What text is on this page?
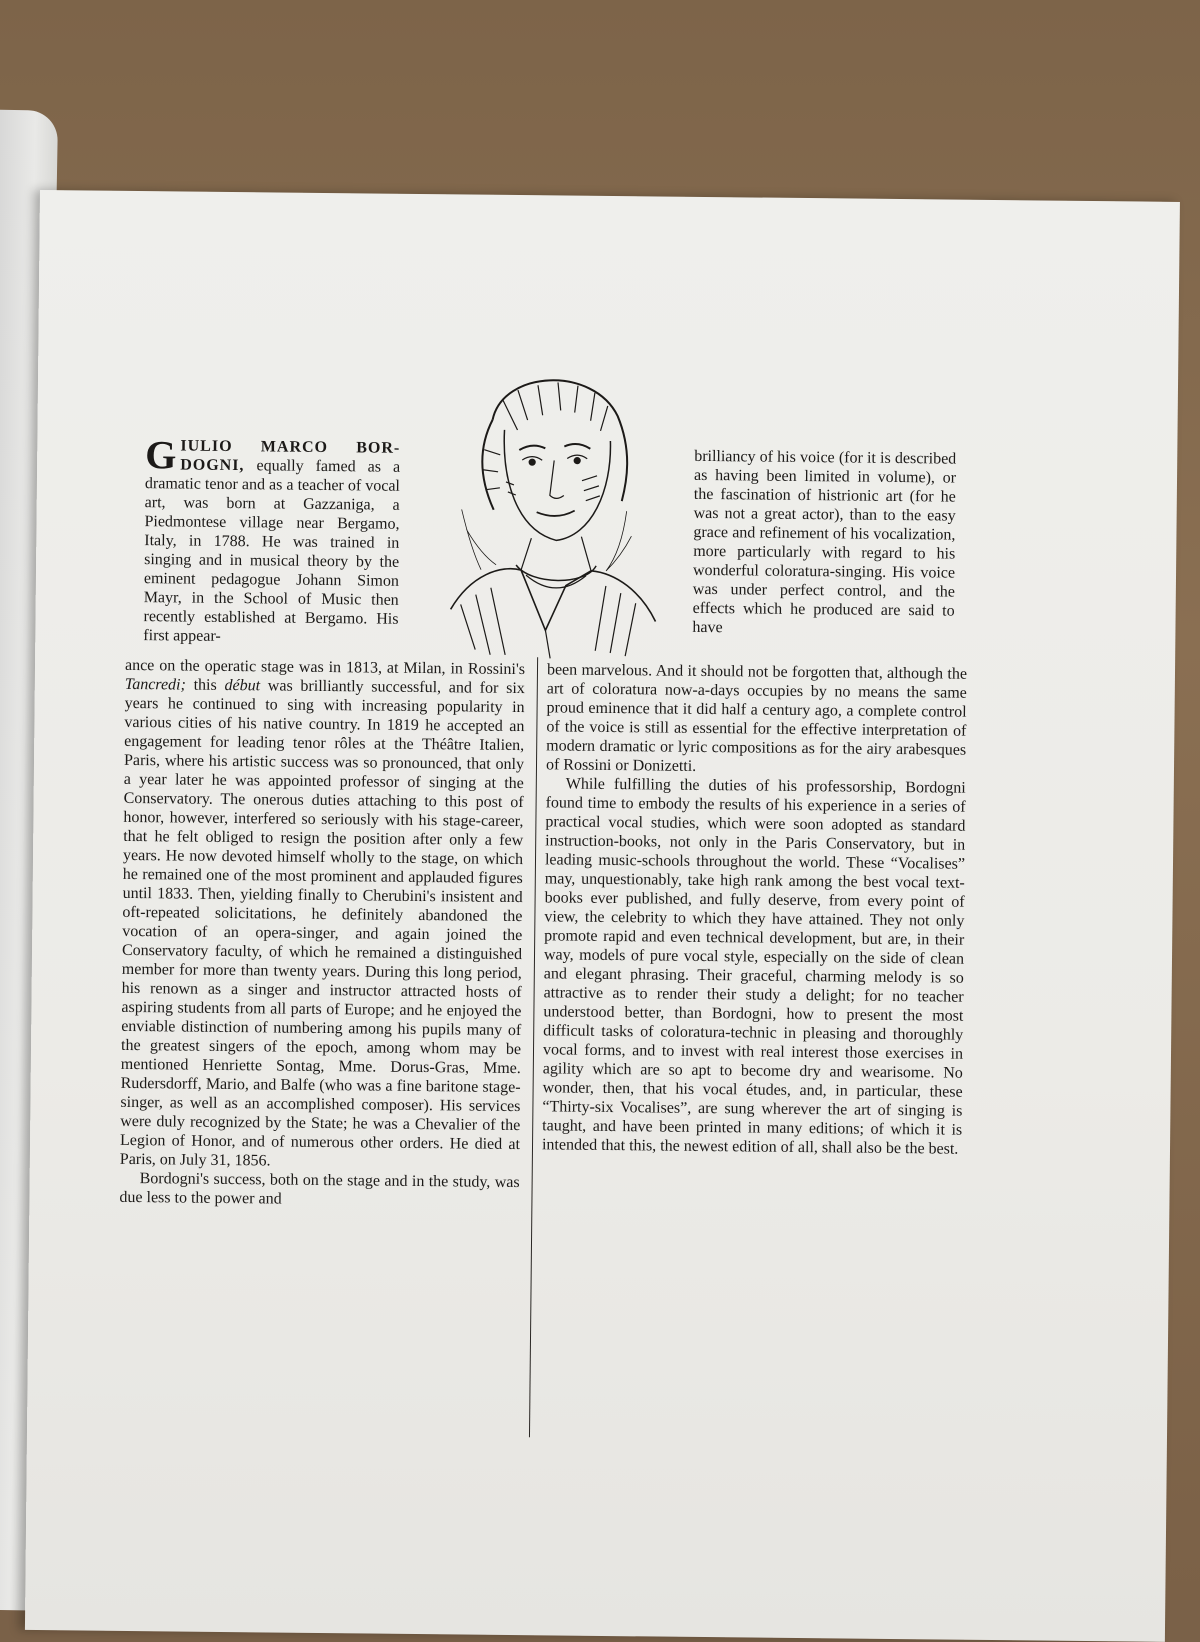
G IULIO MARCO BOR-DOGNI, equally famed as a dramatic tenor and as a teacher of vocal art, was born at Gazzaniga, a Piedmontese village near Bergamo, Italy, in 1788. He was trained in singing and in musical theory by the eminent pedagogue Johann Simon Mayr, in the School of Music then recently established at Bergamo. His first appear-
brilliancy of his voice (for it is described as having been limited in volume), or the fascination of histrionic art (for he was not a great actor), than to the easy grace and refinement of his vocalization, more particularly with regard to his wonderful coloratura-singing. His voice was under perfect control, and the effects which he produced are said to have

ance on the operatic stage was in 1813, at Milan, in Rossini's Tancredi; this début was brilliantly successful, and for six years he continued to sing with increasing popularity in various cities of his native country. In 1819 he accepted an engagement for leading tenor rôles at the Théâtre Italien, Paris, where his artistic success was so pronounced, that only a year later he was appointed professor of singing at the Conservatory. The onerous duties attaching to this post of honor, however, interfered so seriously with his stage-career, that he felt obliged to resign the position after only a few years. He now devoted himself wholly to the stage, on which he remained one of the most prominent and applauded figures until 1833. Then, yielding finally to Cherubini's insistent and oft-repeated solicitations, he definitely abandoned the vocation of an opera-singer, and again joined the Conservatory faculty, of which he remained a distinguished member for more than twenty years. During this long period, his renown as a singer and instructor attracted hosts of aspiring students from all parts of Europe; and he enjoyed the enviable distinction of numbering among his pupils many of the greatest singers of the epoch, among whom may be mentioned Henriette Sontag, Mme. Dorus-Gras, Mme. Rudersdorff, Mario, and Balfe (who was a fine baritone stage-singer, as well as an accomplished composer). His services were duly recognized by the State; he was a Chevalier of the Legion of Honor, and of numerous other orders. He died at Paris, on July 31, 1856.

Bordogni's success, both on the stage and in the study, was due less to the power and

been marvelous. And it should not be forgotten that, although the art of coloratura now-a-days occupies by no means the same proud eminence that it did half a century ago, a complete control of the voice is still as essential for the effective interpretation of modern dramatic or lyric compositions as for the airy arabesques of Rossini or Donizetti.

While fulfilling the duties of his professorship, Bordogni found time to embody the results of his experience in a series of practical vocal studies, which were soon adopted as standard instruction-books, not only in the Paris Conservatory, but in leading music-schools throughout the world. These “Vocalises” may, unquestionably, take high rank among the best vocal text-books ever published, and fully deserve, from every point of view, the celebrity to which they have attained. They not only promote rapid and even technical development, but are, in their way, models of pure vocal style, especially on the side of clean and elegant phrasing. Their graceful, charming melody is so attractive as to render their study a delight; for no teacher understood better, than Bordogni, how to present the most difficult tasks of coloratura-technic in pleasing and thoroughly vocal forms, and to invest with real interest those exercises in agility which are so apt to become dry and wearisome. No wonder, then, that his vocal études, and, in particular, these “Thirty-six Vocalises”, are sung wherever the art of singing is taught, and have been printed in many editions; of which it is intended that this, the newest edition of all, shall also be the best.
